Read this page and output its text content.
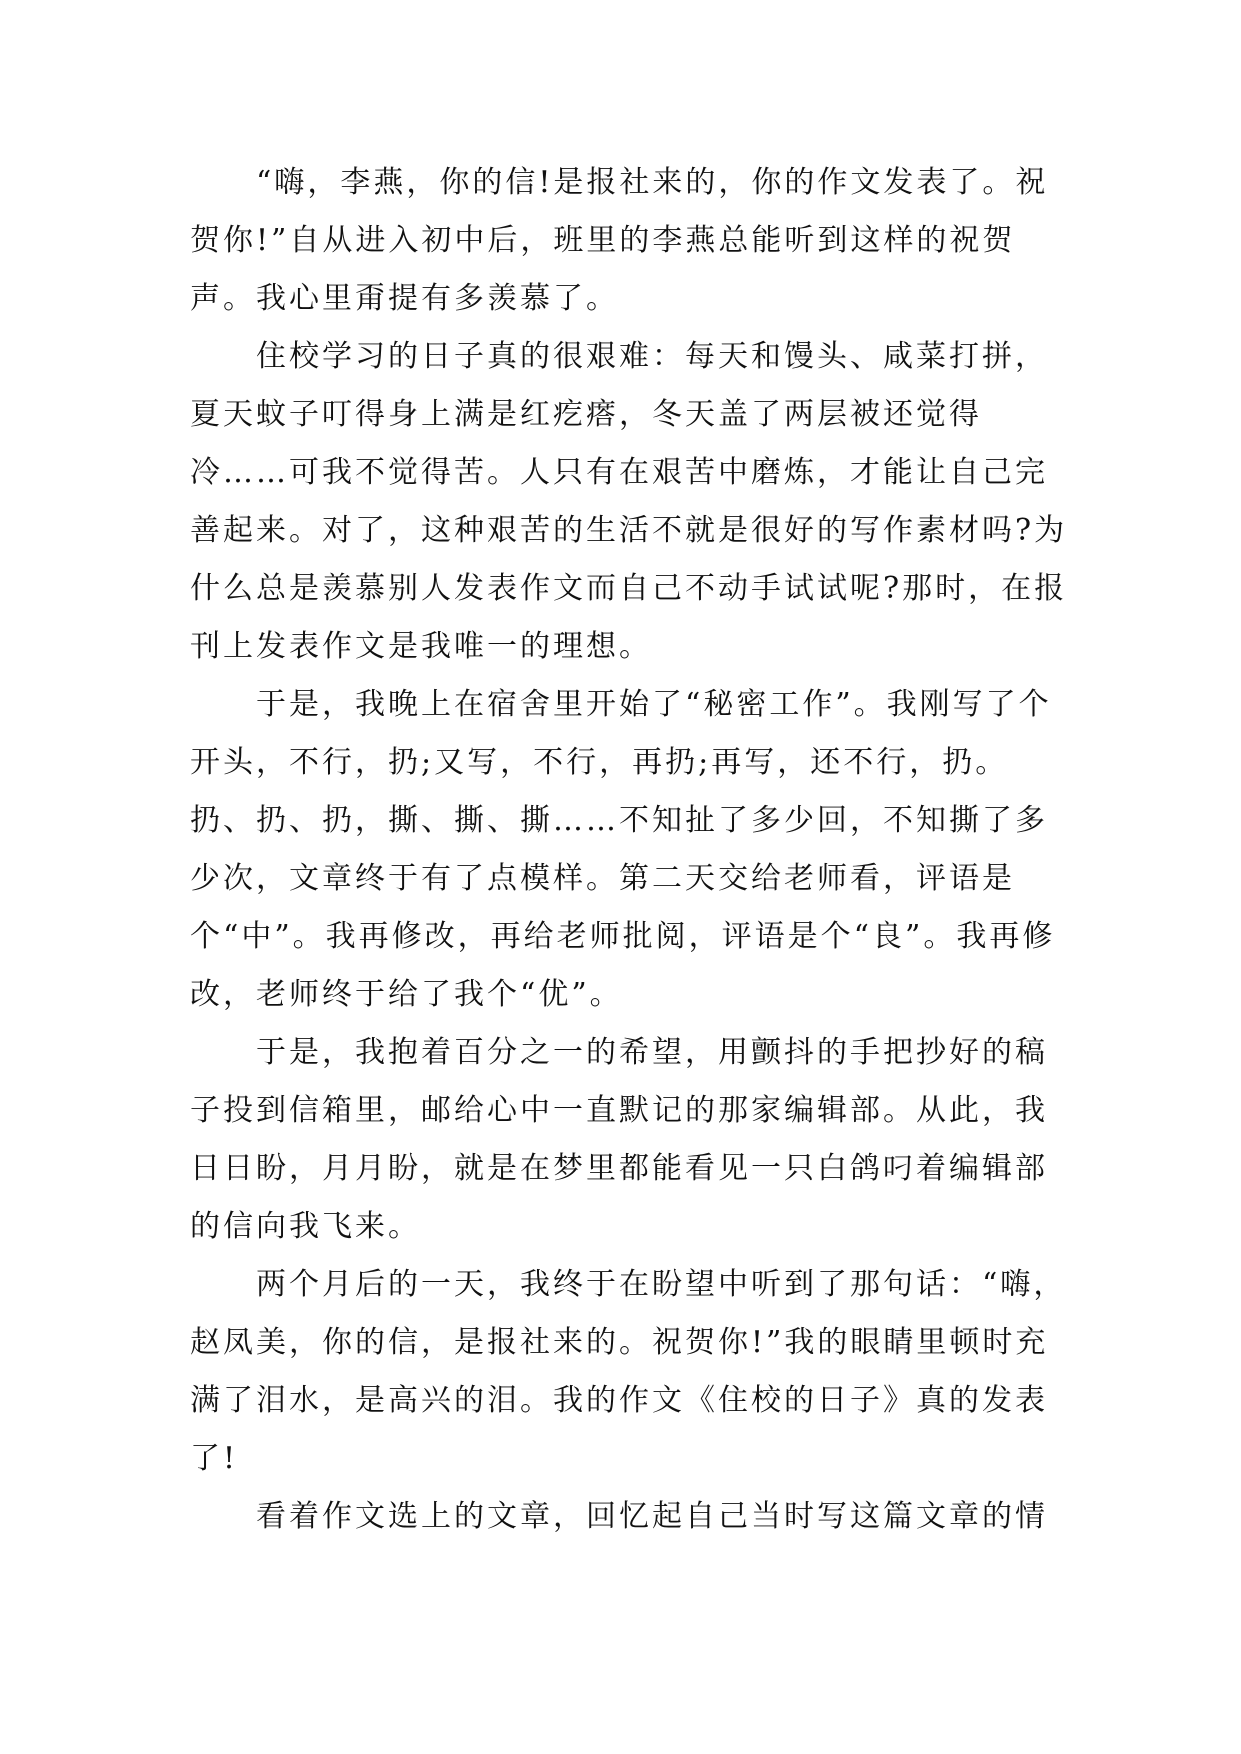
“嗨，李燕，你的信!是报社来的，你的作文发表了。祝贺你!”自从进入初中后，班里的李燕总能听到这样的祝贺声。我心里甭提有多羡慕了。

住校学习的日子真的很艰难：每天和馒头、咸菜打拼，夏天蚊子叮得身上满是红疙瘩，冬天盖了两层被还觉得冷……可我不觉得苦。人只有在艰苦中磨炼，才能让自己完善起来。对了，这种艰苦的生活不就是很好的写作素材吗?为什么总是羡慕别人发表作文而自己不动手试试呢?那时，在报刊上发表作文是我唯一的理想。

于是，我晚上在宿舍里开始了“秘密工作”。我刚写了个开头，不行，扔;又写，不行，再扔;再写，还不行，扔。扔、扔、扔，撕、撕、撕……不知扯了多少回，不知撕了多少次，文章终于有了点模样。第二天交给老师看，评语是个“中”。我再修改，再给老师批阅，评语是个“良”。我再修改，老师终于给了我个“优”。

于是，我抱着百分之一的希望，用颤抖的手把抄好的稿子投到信箱里，邮给心中一直默记的那家编辑部。从此，我日日盼，月月盼，就是在梦里都能看见一只白鸽叼着编辑部的信向我飞来。

两个月后的一天，我终于在盼望中听到了那句话：“嗨，赵凤美，你的信，是报社来的。祝贺你!”我的眼睛里顿时充满了泪水，是高兴的泪。我的作文《住校的日子》真的发表了!

看着作文选上的文章，回忆起自己当时写这篇文章的情
